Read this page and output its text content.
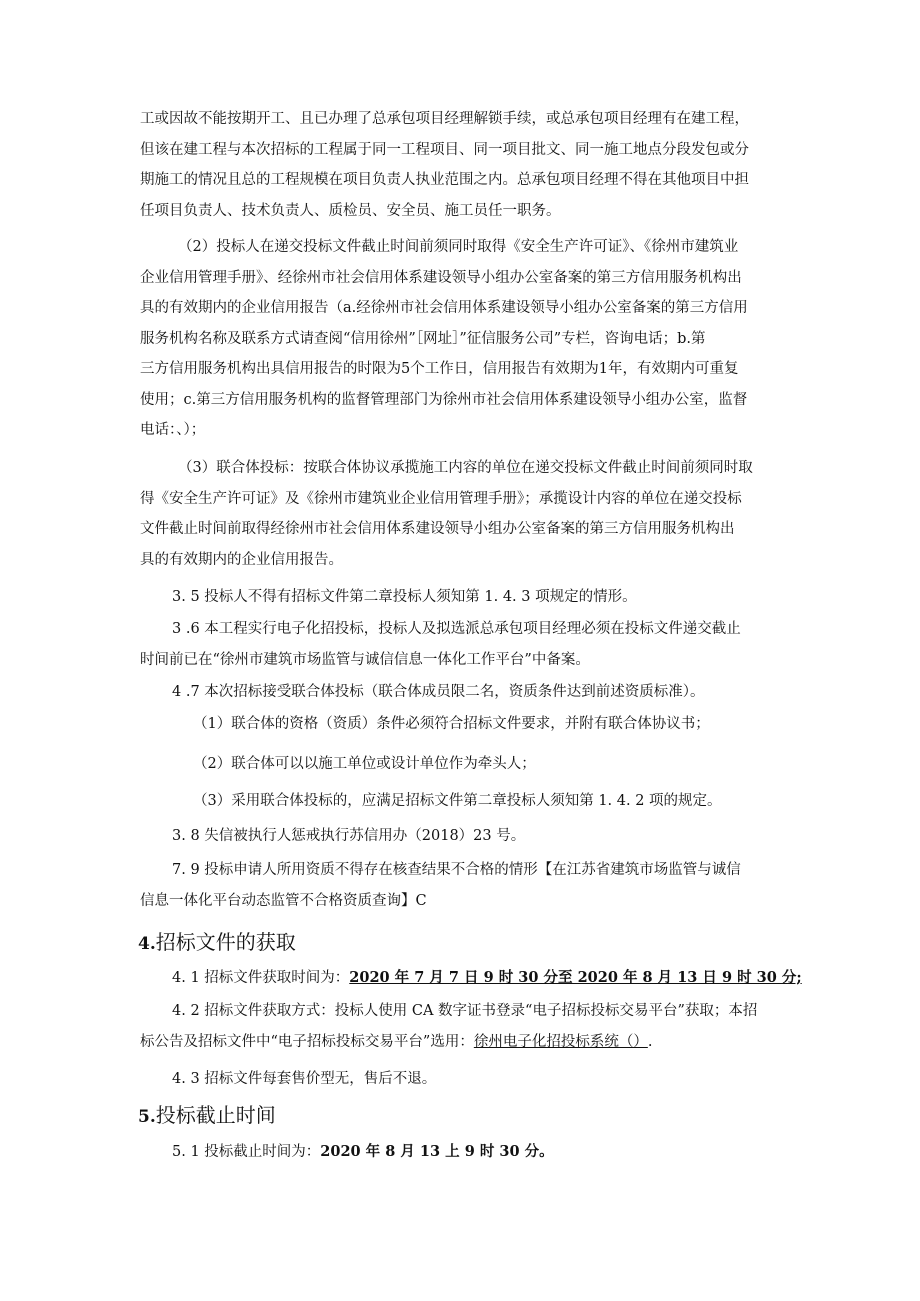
工或因故不能按期开工、且已办理了总承包项目经理解锁手续，或总承包项目经理有在建工程，
但该在建工程与本次招标的工程属于同一工程项目、同一项目批文、同一施工地点分段发包或分
期施工的情况且总的工程规模在项目负责人执业范围之内。总承包项目经理不得在其他项目中担
任项目负责人、技术负责人、质检员、安全员、施工员任一职务。
（2）投标人在递交投标文件截止时间前须同时取得《安全生产许可证》、《徐州市建筑业
企业信用管理手册》、经徐州市社会信用体系建设领导小组办公室备案的第三方信用服务机构出
具的有效期内的企业信用报告（a.经徐州市社会信用体系建设领导小组办公室备案的第三方信用
服务机构名称及联系方式请查阅“信用徐州”［网址］”征信服务公司”专栏，咨询电话；b.第
三方信用服务机构出具信用报告的时限为5个工作日，信用报告有效期为1年，有效期内可重复
使用；c.第三方信用服务机构的监督管理部门为徐州市社会信用体系建设领导小组办公室，监督
电话：、）；
（3）联合体投标：按联合体协议承揽施工内容的单位在递交投标文件截止时间前须同时取
得《安全生产许可证》及《徐州市建筑业企业信用管理手册》；承揽设计内容的单位在递交投标
文件截止时间前取得经徐州市社会信用体系建设领导小组办公室备案的第三方信用服务机构出
具的有效期内的企业信用报告。
3. 5 投标人不得有招标文件第二章投标人须知第 1. 4. 3 项规定的情形。
3 .6 本工程实行电子化招投标，投标人及拟选派总承包项目经理必须在投标文件递交截止
时间前已在“徐州市建筑市场监管与诚信信息一体化工作平台”中备案。
4 .7 本次招标接受联合体投标（联合体成员限二名，资质条件达到前述资质标准）。
（1）联合体的资格（资质）条件必须符合招标文件要求，并附有联合体协议书；
（2）联合体可以以施工单位或设计单位作为牵头人；
（3）采用联合体投标的，应满足招标文件第二章投标人须知第 1. 4. 2 项的规定。
3. 8 失信被执行人惩戒执行苏信用办（2018）23 号。
7. 9 投标申请人所用资质不得存在核查结果不合格的情形【在江苏省建筑市场监管与诚信
信息一体化平台动态监管不合格资质查询】C
4.招标文件的获取
4. 1 招标文件获取时间为：2020 年 7 月 7 日 9 时 30 分至 2020 年 8 月 13 日 9 时 30 分;
4. 2 招标文件获取方式：投标人使用 CA 数字证书登录“电子招标投标交易平台”获取；本招
标公告及招标文件中“电子招标投标交易平台”选用：徐州电子化招投标系统（）.
4. 3 招标文件每套售价型无，售后不退。
5.投标截止时间
5. 1 投标截止时间为：2020 年 8 月 13 上 9 时 30 分。
